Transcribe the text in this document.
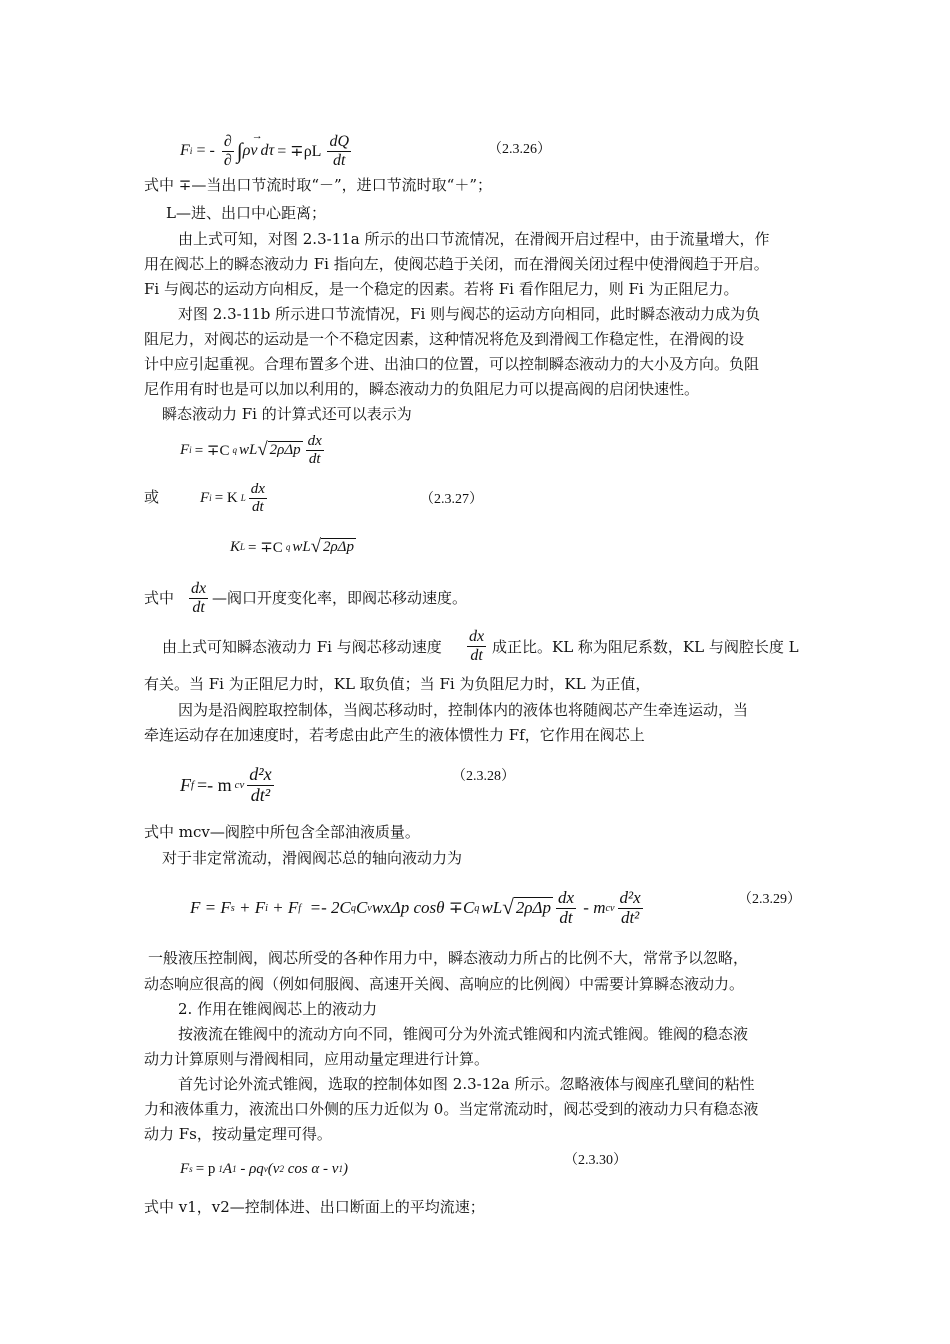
F i = - $\frac{\partial}{\partial}$ ∫
→
ρv $d\tau = \mp\rho L \frac{dQ}{dt}$	（2.3.26）
式中 ∓—当出口节流时取“－”，进口节流时取“＋”；
L—进、出口中心距离；
由上式可知，对图 2.3-11a 所示的出口节流情况，在滑阀开启过程中，由于流量增大，作
用在阀芯上的瞬态液动力 Fi 指向左，使阀芯趋于关闭，而在滑阀关闭过程中使滑阀趋于开启。
Fi 与阀芯的运动方向相反，是一个稳定的因素。若将 Fi 看作阻尼力，则 Fi 为正阻尼力。
对图 2.3-11b 所示进口节流情况，Fi 则与阀芯的运动方向相同，此时瞬态液动力成为负
阻尼力，对阀芯的运动是一个不稳定因素，这种情况将危及到滑阀工作稳定性，在滑阀的设
计中应引起重视。合理布置多个进、出油口的位置，可以控制瞬态液动力的大小及方向。负阻
尼作用有时也是可以加以利用的，瞬态液动力的负阻尼力可以提高阀的启闭快速性。
瞬态液动力 Fi 的计算式还可以表示为
F i = ∓C q wL √ $2\rho\Delta p \frac{dx}{dt}$
或	F i = K L $\frac{dx}{dt}$	（2.3.27）
K L = ∓C q wL √ 2ρΔp
式中 $\frac{dx}{dt}$ —阀口开度变化率，即阀芯移动速度。
由上式可知瞬态液动力 Fi 与阀芯移动速度 $\frac{dx}{dt}$ 成正比。KL 称为阻尼系数，KL 与阀腔长度 L
有关。当 Fi 为正阻尼力时，KL 取负值；当 Fi 为负阻尼力时，KL 为正值，
因为是沿阀腔取控制体，当阀芯移动时，控制体内的液体也将随阀芯产生牵连运动，当
牵连运动存在加速度时，若考虑由此产生的液体惯性力 Ff，它作用在阀芯上
F f =- m cv $\frac{\text{d²x}}{\text{dt²}}$	（2.3.28）
式中 mcv—阀腔中所包含全部油液质量。
对于非定常流动，滑阀阀芯总的轴向液动力为
F = F s + F i + F f =- 2C q C v wxΔp cosθ ∓C q wL √ $2\rho\Delta p \frac{dx}{dt}$ - m cv $\frac{\text{d²x}}{\text{dt²}}$	（2.3.29）
一般液压控制阀，阀芯所受的各种作用力中，瞬态液动力所占的比例不大，常常予以忽略，
动态响应很高的阀（例如伺服阀、高速开关阀、高响应的比例阀）中需要计算瞬态液动力。
2. 作用在锥阀阀芯上的液动力
按液流在锥阀中的流动方向不同，锥阀可分为外流式锥阀和内流式锥阀。锥阀的稳态液
动力计算原则与滑阀相同，应用动量定理进行计算。
首先讨论外流式锥阀，选取的控制体如图 2.3-12a 所示。忽略液体与阀座孔壁间的粘性
力和液体重力，液流出口外侧的压力近似为 0。当定常流动时，阀芯受到的液动力只有稳态液
动力 Fs，按动量定理可得。
F s = p 1 A 1 - ρq v (v 2 cos α - v 1 )	（2.3.30）
式中 v1，v2—控制体进、出口断面上的平均流速；
